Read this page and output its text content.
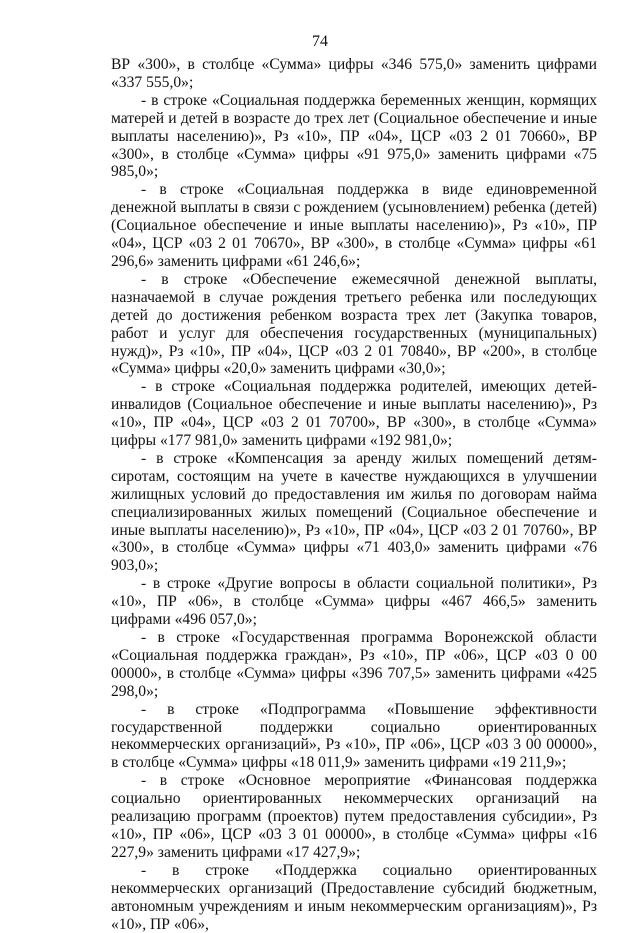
74

ВР «300», в столбце «Сумма» цифры «346 575,0» заменить цифрами «337 555,0»;

- в строке «Социальная поддержка беременных женщин, кормящих матерей и детей в возрасте до трех лет (Социальное обеспечение и иные выплаты населению)», Рз «10», ПР «04», ЦСР «03 2 01 70660», ВР «300», в столбце «Сумма» цифры «91 975,0» заменить цифрами «75 985,0»;

- в строке «Социальная поддержка в виде единовременной денежной выплаты в связи с рождением (усыновлением) ребенка (детей) (Социальное обеспечение и иные выплаты населению)», Рз «10», ПР «04», ЦСР «03 2 01 70670», ВР «300», в столбце «Сумма» цифры «61 296,6» заменить цифрами «61 246,6»;

- в строке «Обеспечение ежемесячной денежной выплаты, назначаемой в случае рождения третьего ребенка или последующих детей до достижения ребенком возраста трех лет (Закупка товаров, работ и услуг для обеспечения государственных (муниципальных) нужд)», Рз «10», ПР «04», ЦСР «03 2 01 70840», ВР «200», в столбце «Сумма» цифры «20,0» заменить цифрами «30,0»;

- в строке «Социальная поддержка родителей, имеющих детей-инвалидов (Социальное обеспечение и иные выплаты населению)», Рз «10», ПР «04», ЦСР «03 2 01 70700», ВР «300», в столбце «Сумма» цифры «177 981,0» заменить цифрами «192 981,0»;

- в строке «Компенсация за аренду жилых помещений детям-сиротам, состоящим на учете в качестве нуждающихся в улучшении жилищных условий до предоставления им жилья по договорам найма специализированных жилых помещений (Социальное обеспечение и иные выплаты населению)», Рз «10», ПР «04», ЦСР «03 2 01 70760», ВР «300», в столбце «Сумма» цифры «71 403,0» заменить цифрами «76 903,0»;

- в строке «Другие вопросы в области социальной политики», Рз «10», ПР «06», в столбце «Сумма» цифры «467 466,5» заменить цифрами «496 057,0»;

- в строке «Государственная программа Воронежской области «Социальная поддержка граждан», Рз «10», ПР «06», ЦСР «03 0 00 00000», в столбце «Сумма» цифры «396 707,5» заменить цифрами «425 298,0»;

- в строке «Подпрограмма «Повышение эффективности государственной поддержки социально ориентированных некоммерческих организаций», Рз «10», ПР «06», ЦСР «03 3 00 00000», в столбце «Сумма» цифры «18 011,9» заменить цифрами «19 211,9»;

- в строке «Основное мероприятие «Финансовая поддержка социально ориентированных некоммерческих организаций на реализацию программ (проектов) путем предоставления субсидии», Рз «10», ПР «06», ЦСР «03 3 01 00000», в столбце «Сумма» цифры «16 227,9» заменить цифрами «17 427,9»;

- в строке «Поддержка социально ориентированных некоммерческих организаций (Предоставление субсидий бюджетным, автономным учреждениям и иным некоммерческим организациям)», Рз «10», ПР «06»,
